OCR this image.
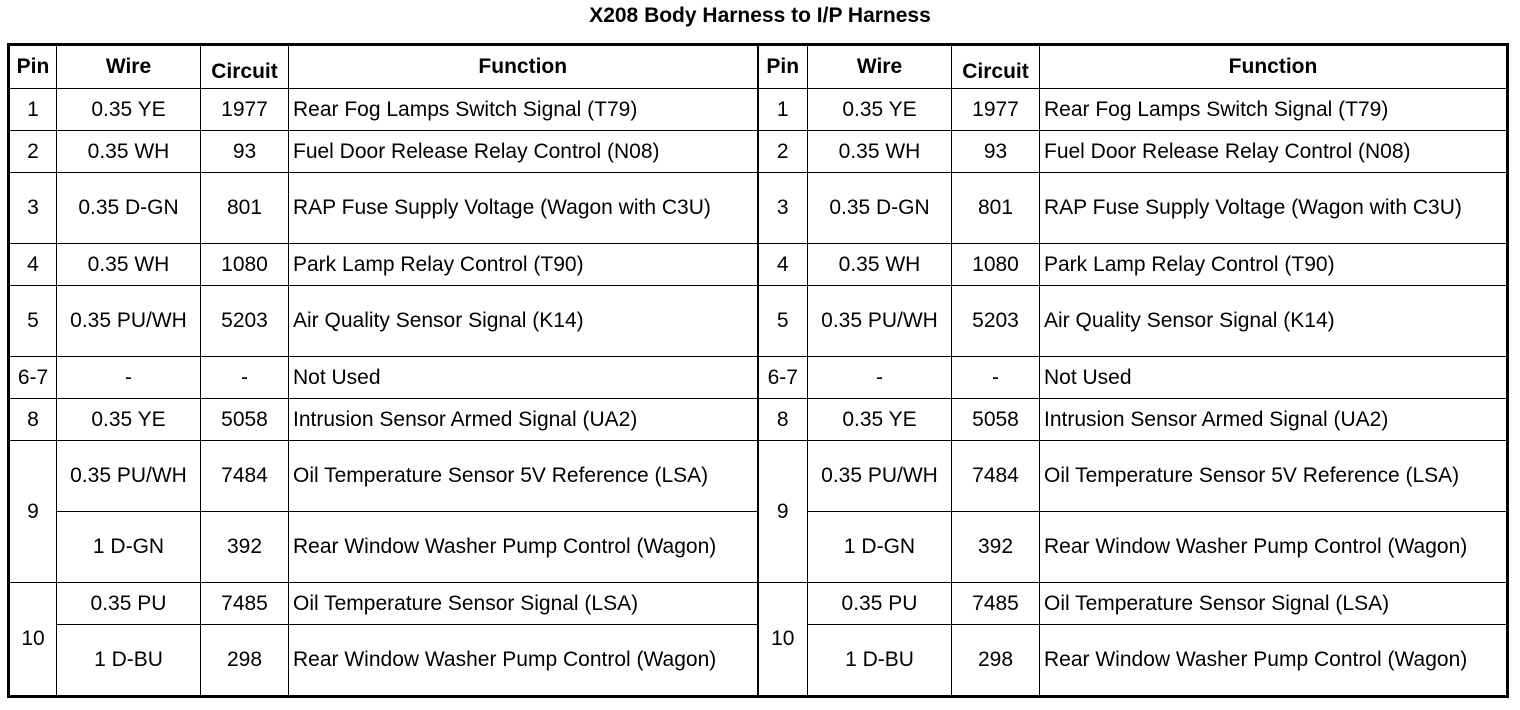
X208 Body Harness to I/P Harness
Pin	Wire	Circuit	Function	Pin	Wire	Circuit	Function
1	0.35 YE	1977	Rear Fog Lamps Switch Signal (T79)	1	0.35 YE	1977	Rear Fog Lamps Switch Signal (T79)
2	0.35 WH	93	Fuel Door Release Relay Control (N08)	2	0.35 WH	93	Fuel Door Release Relay Control (N08)
3	0.35 D-GN	801	RAP Fuse Supply Voltage (Wagon with C3U)	3	0.35 D-GN	801	RAP Fuse Supply Voltage (Wagon with C3U)
4	0.35 WH	1080	Park Lamp Relay Control (T90)	4	0.35 WH	1080	Park Lamp Relay Control (T90)
5	0.35 PU/WH	5203	Air Quality Sensor Signal (K14)	5	0.35 PU/WH	5203	Air Quality Sensor Signal (K14)
6-7	-	-	Not Used	6-7	-	-	Not Used
8	0.35 YE	5058	Intrusion Sensor Armed Signal (UA2)	8	0.35 YE	5058	Intrusion Sensor Armed Signal (UA2)
9	0.35 PU/WH	7484	Oil Temperature Sensor 5V Reference (LSA)	9	0.35 PU/WH	7484	Oil Temperature Sensor 5V Reference (LSA)
	1 D-GN	392	Rear Window Washer Pump Control (Wagon)		1 D-GN	392	Rear Window Washer Pump Control (Wagon)
10	0.35 PU	7485	Oil Temperature Sensor Signal (LSA)	10	0.35 PU	7485	Oil Temperature Sensor Signal (LSA)
	1 D-BU	298	Rear Window Washer Pump Control (Wagon)		1 D-BU	298	Rear Window Washer Pump Control (Wagon)
